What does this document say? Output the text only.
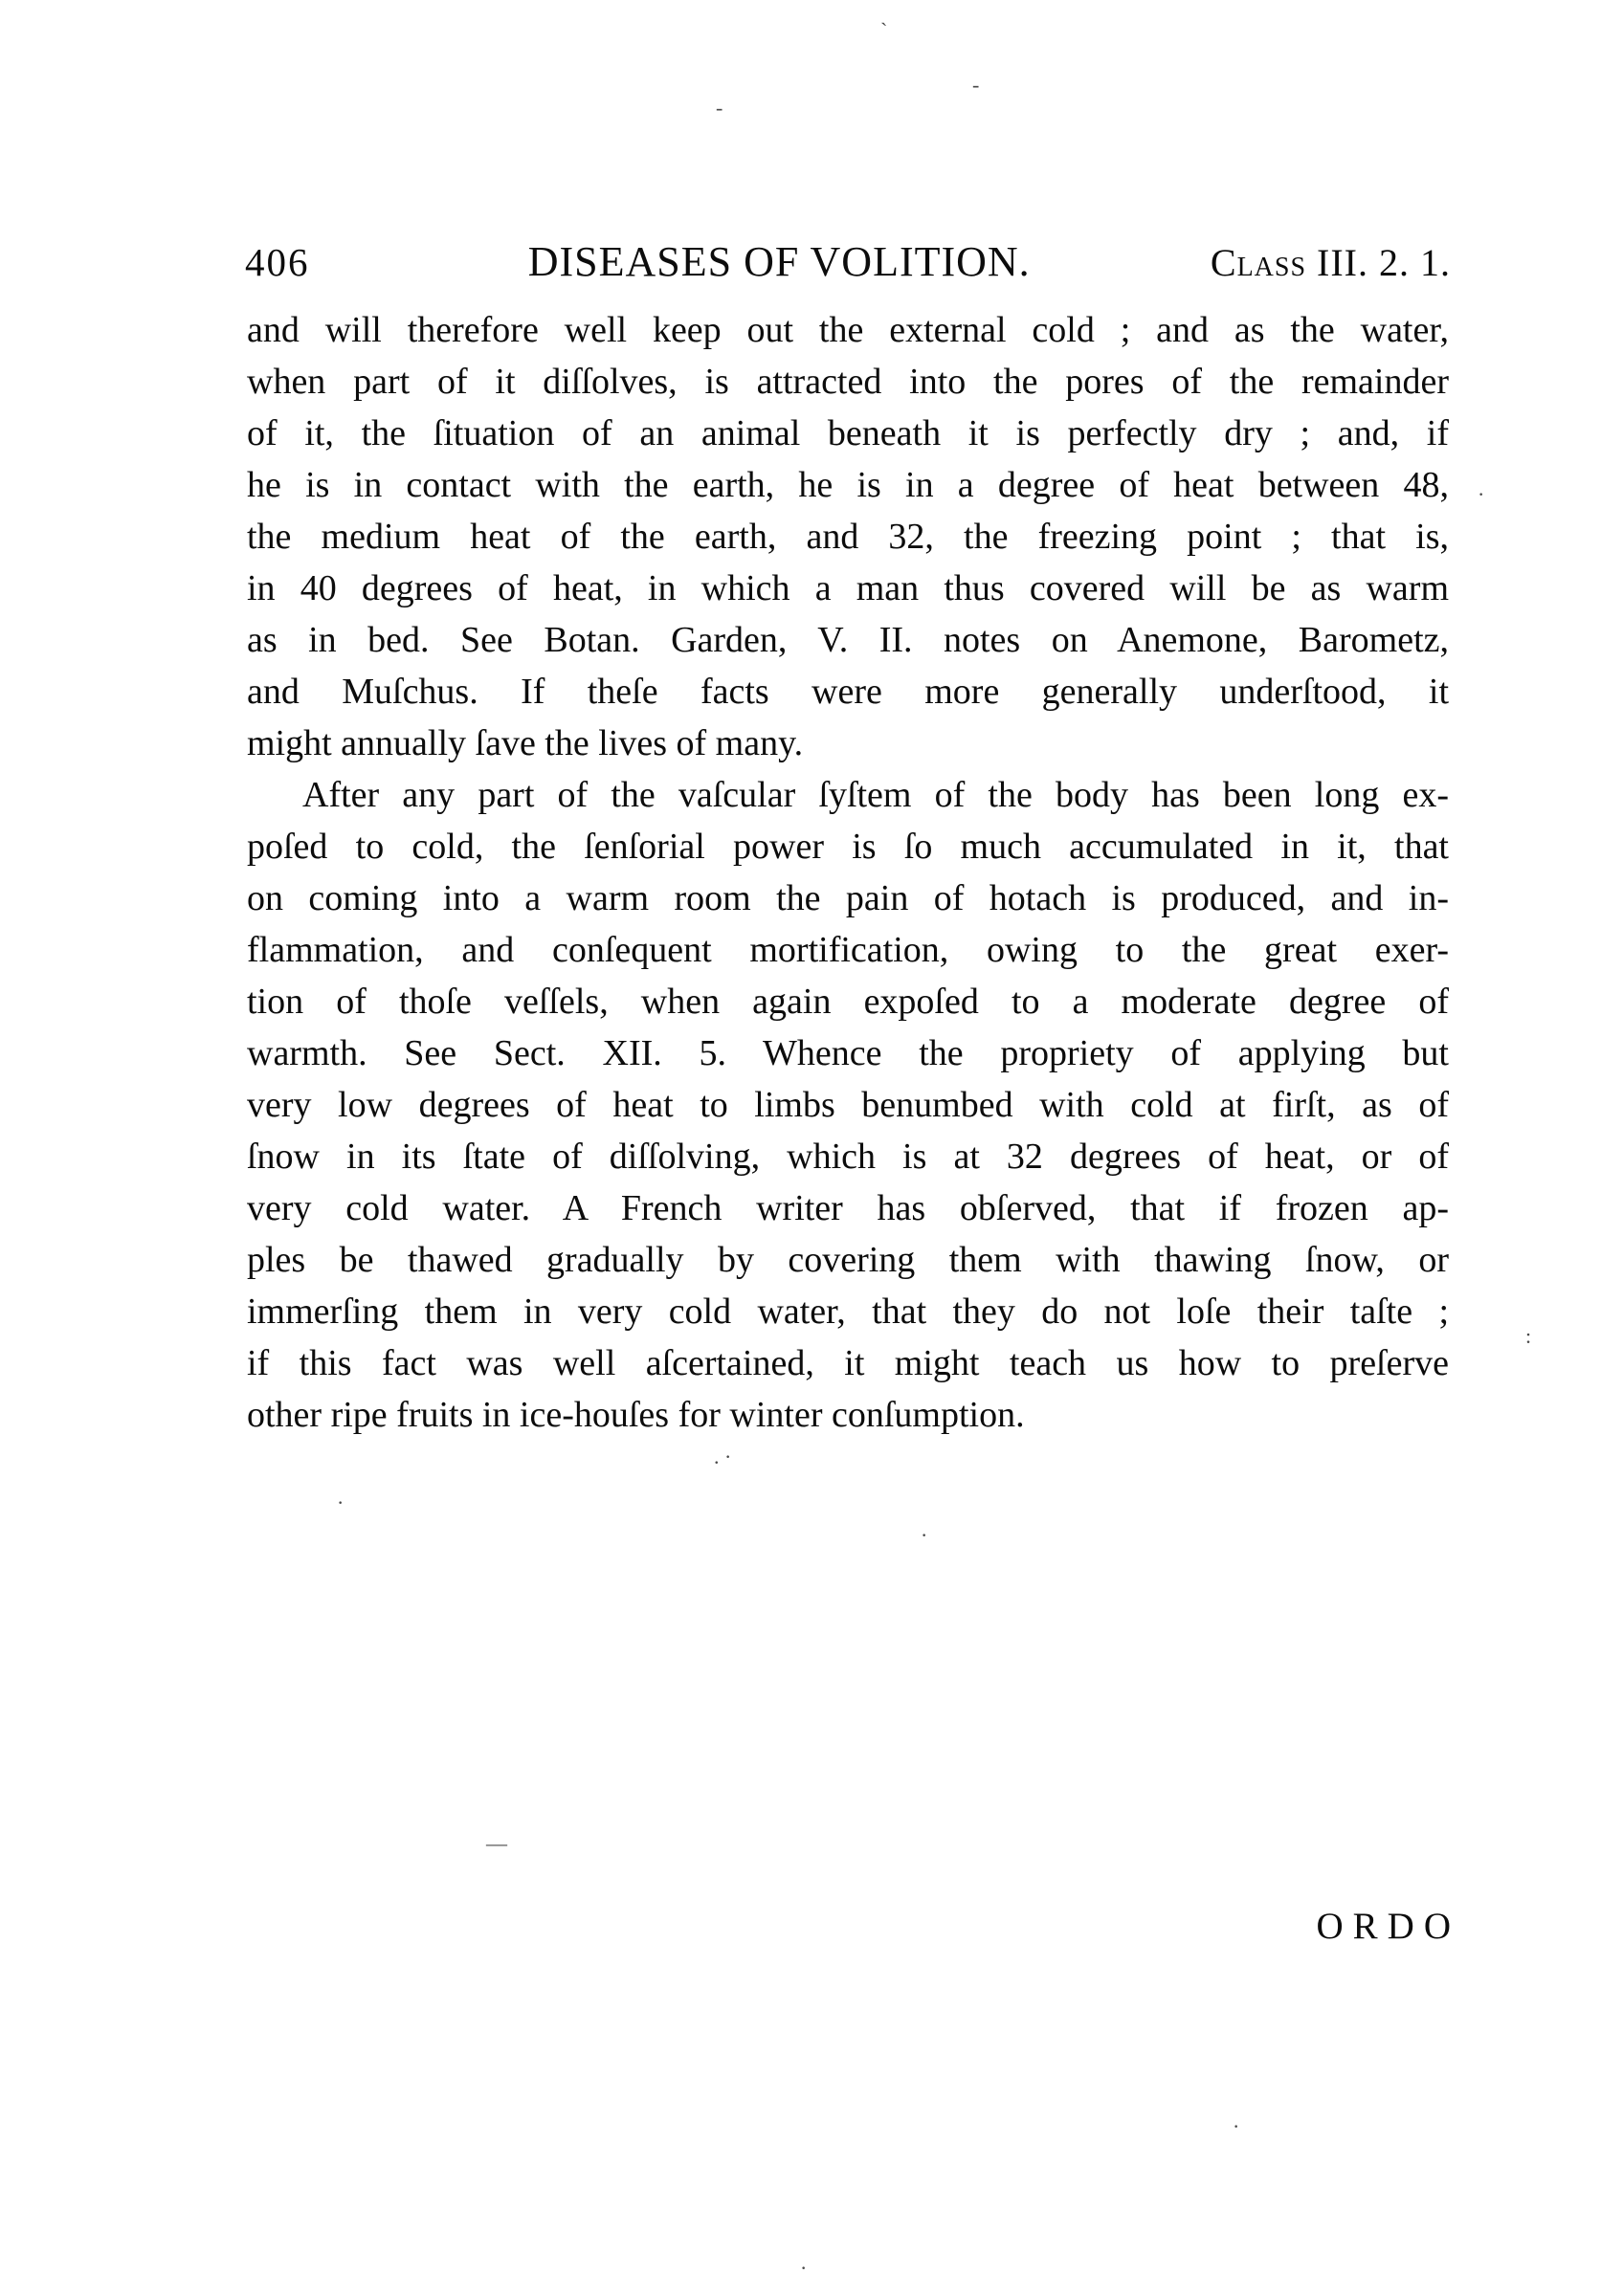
406	DISEASES OF VOLITION.	Class III. 2. 1.
and will therefore well keep out the external cold ; and as the water,
when part of it diſſolves, is attracted into the pores of the remainder
of it, the ſituation of an animal beneath it is perfectly dry ; and, if
he is in contact with the earth, he is in a degree of heat between 48,
the medium heat of the earth, and 32, the freezing point ; that is,
in 40 degrees of heat, in which a man thus covered will be as warm
as in bed. See Botan. Garden, V. II. notes on Anemone, Barometz,
and Muſchus. If theſe facts were more generally underſtood, it
might annually ſave the lives of many.
After any part of the vaſcular ſyſtem of the body has been long ex-
poſed to cold, the ſenſorial power is ſo much accumulated in it, that
on coming into a warm room the pain of hotach is produced, and in-
flammation, and conſequent mortification, owing to the great exer-
tion of thoſe veſſels, when again expoſed to a moderate degree of
warmth. See Sect. XII. 5. Whence the propriety of applying but
very low degrees of heat to limbs benumbed with cold at firſt, as of
ſnow in its ſtate of diſſolving, which is at 32 degrees of heat, or of
very cold water. A French writer has obſerved, that if frozen ap-
ples be thawed gradually by covering them with thawing ſnow, or
immerſing them in very cold water, that they do not loſe their taſte ;
if this fact was well aſcertained, it might teach us how to preſerve
other ripe fruits in ice-houſes for winter conſumption.
ORDO
ˎ
-
-
·
:
. ·
·
·
—
·
·
